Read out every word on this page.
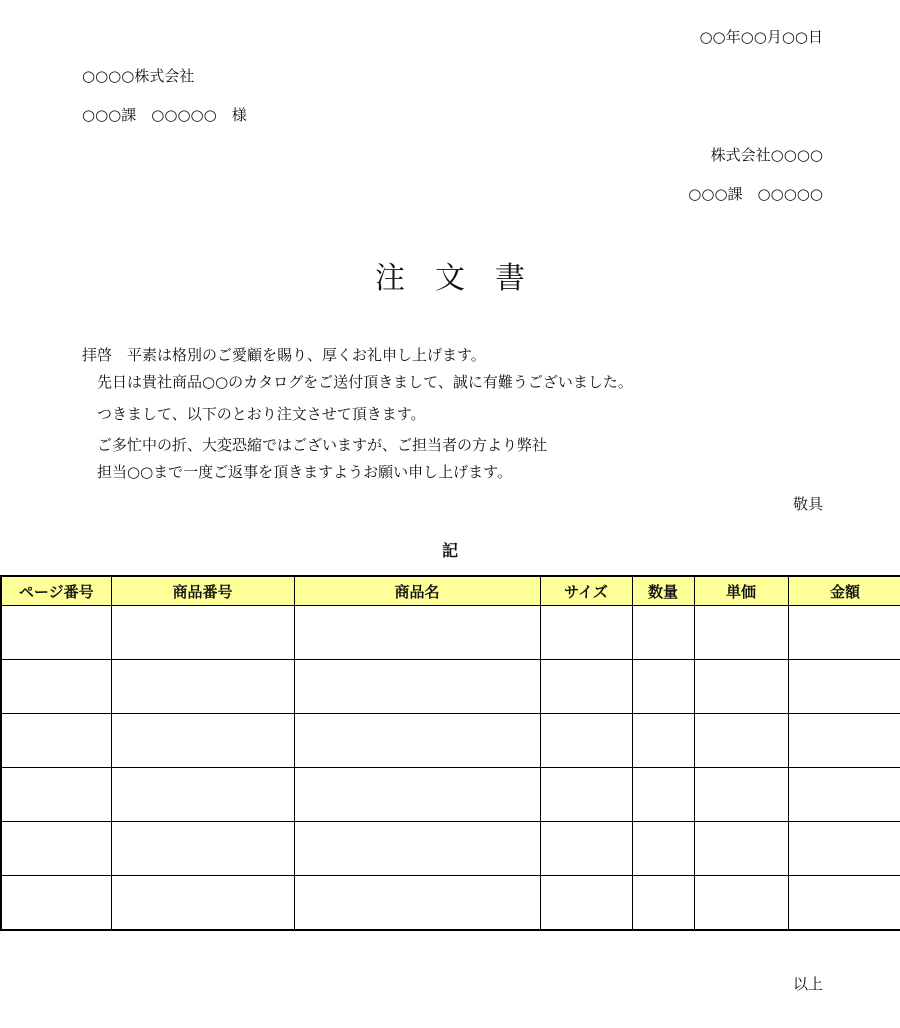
○○年○○月○○日
○○○○株式会社
○○○課　○○○○○　様
株式会社○○○○
○○○課　○○○○○
注文書
拝啓　平素は格別のご愛顧を賜り、厚くお礼申し上げます。
　先日は貴社商品○○のカタログをご送付頂きまして、誠に有難うございました。
　つきまして、以下のとおり注文させて頂きます。
　ご多忙中の折、大変恐縮ではございますが、ご担当者の方より弊社
　担当○○まで一度ご返事を頂きますようお願い申し上げます。
敬具
記
ページ番号	商品番号	商品名	サイズ	数量	単価	金額

以上
